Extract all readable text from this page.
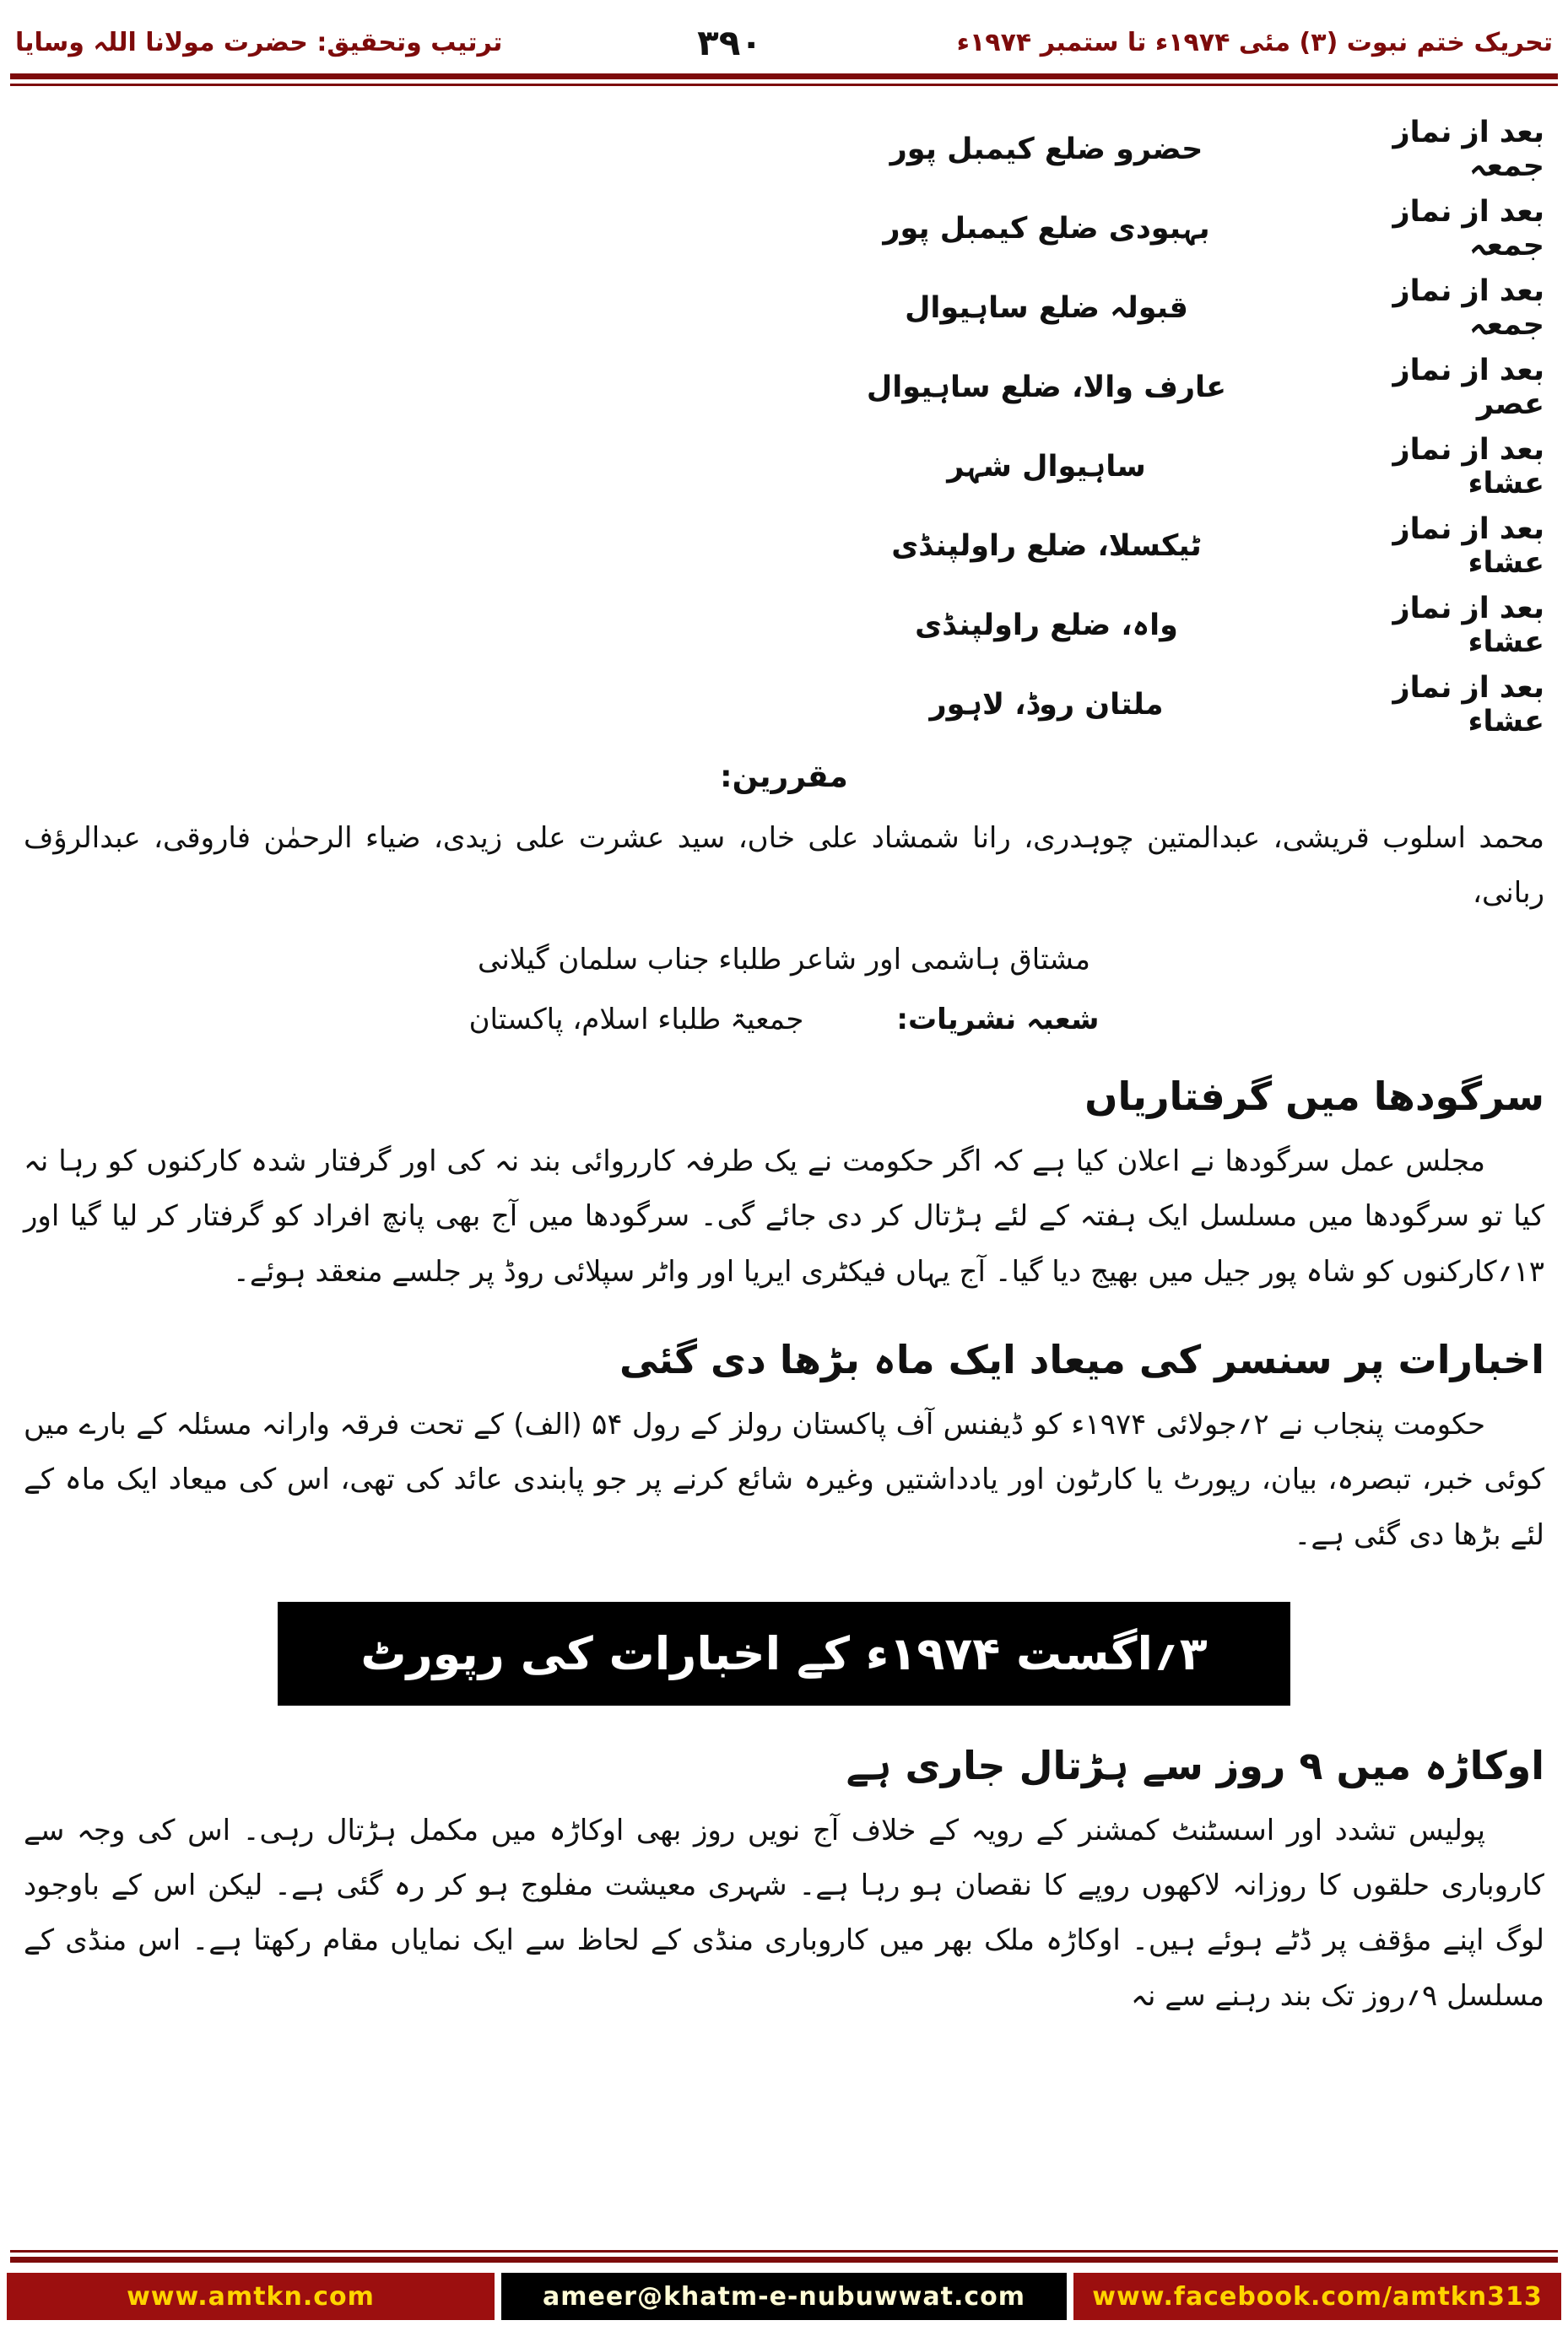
تحریک ختم نبوت (۳) مئی ۱۹۷۴ء تا ستمبر ۱۹۷۴ء
۳۹۰
ترتیب وتحقیق: حضرت مولانا اللہ وسایا
بعد از نماز جمعہ
حضرو ضلع کیمبل پور
بعد از نماز جمعہ
بہبودی ضلع کیمبل پور
بعد از نماز جمعہ
قبولہ ضلع ساہیوال
بعد از نماز عصر
عارف والا، ضلع ساہیوال
بعد از نماز عشاء
ساہیوال شہر
بعد از نماز عشاء
ٹیکسلا، ضلع راولپنڈی
بعد از نماز عشاء
واہ، ضلع راولپنڈی
بعد از نماز عشاء
ملتان روڈ، لاہور
مقررین:
محمد اسلوب قریشی، عبدالمتین چوہدری، رانا شمشاد علی خاں، سید عشرت علی زیدی، ضیاء الرحمٰن فاروقی، عبدالرؤف ربانی،
مشتاق ہاشمی اور شاعر طلباء جناب سلمان گیلانی
شعبہ نشریات:
جمعیۃ طلباء اسلام، پاکستان
سرگودھا میں گرفتاریاں

مجلس عمل سرگودھا نے اعلان کیا ہے کہ اگر حکومت نے یک طرفہ کارروائی بند نہ کی اور گرفتار شدہ کارکنوں کو رہا نہ کیا تو سرگودھا میں مسلسل ایک ہفتہ کے لئے ہڑتال کر دی جائے گی۔ سرگودھا میں آج بھی پانچ افراد کو گرفتار کر لیا گیا اور ۱۳؍کارکنوں کو شاہ پور جیل میں بھیج دیا گیا۔ آج یہاں فیکٹری ایریا اور واٹر سپلائی روڈ پر جلسے منعقد ہوئے۔

اخبارات پر سنسر کی میعاد ایک ماہ بڑھا دی گئی

حکومت پنجاب نے ۲؍جولائی ۱۹۷۴ء کو ڈیفنس آف پاکستان رولز کے رول ۵۴ (الف) کے تحت فرقہ وارانہ مسئلہ کے بارے میں کوئی خبر، تبصرہ، بیان، رپورٹ یا کارٹون اور یادداشتیں وغیرہ شائع کرنے پر جو پابندی عائد کی تھی، اس کی میعاد ایک ماہ کے لئے بڑھا دی گئی ہے۔

۳؍اگست ۱۹۷۴ء کے اخبارات کی رپورٹ
اوکاڑہ میں ۹ روز سے ہڑتال جاری ہے

پولیس تشدد اور اسسٹنٹ کمشنر کے رویہ کے خلاف آج نویں روز بھی اوکاڑہ میں مکمل ہڑتال رہی۔ اس کی وجہ سے کاروباری حلقوں کا روزانہ لاکھوں روپے کا نقصان ہو رہا ہے۔ شہری معیشت مفلوج ہو کر رہ گئی ہے۔ لیکن اس کے باوجود لوگ اپنے مؤقف پر ڈٹے ہوئے ہیں۔ اوکاڑہ ملک بھر میں کاروباری منڈی کے لحاظ سے ایک نمایاں مقام رکھتا ہے۔ اس منڈی کے مسلسل ۹؍روز تک بند رہنے سے نہ

www.amtkn.com	ameer@khatm-e-nubuwwat.com	www.facebook.com/amtkn313
